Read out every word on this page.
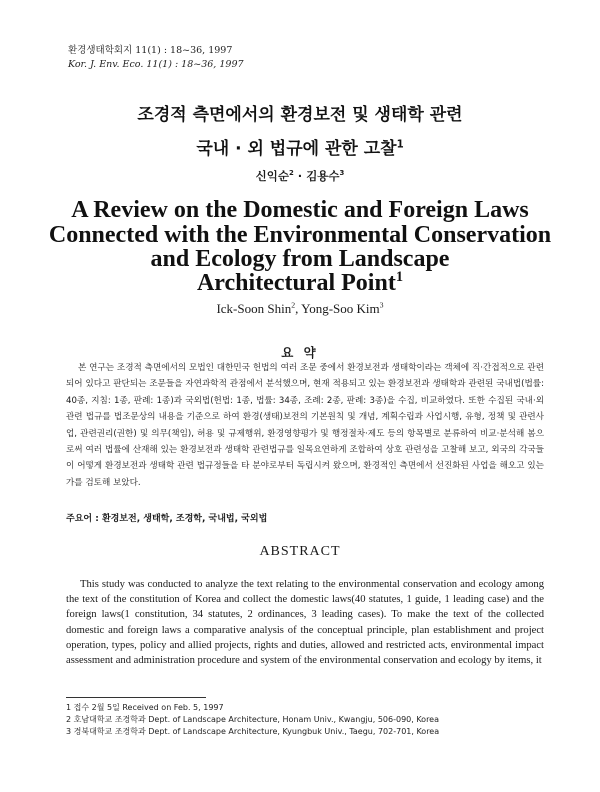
환경생태학회지 11(1) : 18~36, 1997
Kor. J. Env. Eco. 11(1) : 18~36, 1997
조경적 측면에서의 환경보전 및 생태학 관련
국내 · 외 법규에 관한 고찰$^1$
신익순$^2$ · 김용수$^3$
A Review on the Domestic and Foreign Laws
Connected with the Environmental Conservation
and Ecology from Landscape
Architectural Point$^1$
Ick-Soon Shin$^2$, Yong-Soo Kim$^3$
요 약
본 연구는 조경적 측면에서의 모법인 대한민국 헌법의 여러 조문 중에서 환경보전과 생태학이라는 객체에 직·간접적으로 관련되어 있다고 판단되는 조문들을 자연과학적 관점에서 분석했으며, 현재 적용되고 있는 환경보전과 생태학과 관련된 국내법(법률: 40종, 지침: 1종, 판례: 1종)과 국외법(헌법: 1종, 법률: 34종, 조례: 2종, 판례: 3종)을 수집, 비교하였다. 또한 수집된 국내·외 관련 법규를 법조문상의 내용을 기준으로 하여 환경(생태)보전의 기본원칙 및 개념, 계획수립과 사업시행, 유형, 정책 및 관련사업, 관련권리(권한) 및 의무(책임), 허용 및 규제행위, 환경영향평가 및 행정절차·제도 등의 항목별로 분류하여 비교·분석해 봄으로써 여러 법률에 산재해 있는 환경보전과 생태학 관련법규를 일목요연하게 조합하여 상호 관련성을 고찰해 보고, 외국의 각국들이 어떻게 환경보전과 생태학 관련 법규정들을 타 분야로부터 독립시켜 왔으며, 환경적인 측면에서 선진화된 사업을 해오고 있는가를 검토해 보았다.
주요어 : 환경보전, 생태학, 조경학, 국내법, 국외법
ABSTRACT
This study was conducted to analyze the text relating to the environmental conservation and ecology among the text of the constitution of Korea and collect the domestic laws(40 statutes, 1 guide, 1 leading case) and the foreign laws(1 constitution, 34 statutes, 2 ordinances, 3 leading cases). To make the text of the collected domestic and foreign laws a comparative analysis of the conceptual principle, plan establishment and project operation, types, policy and allied projects, rights and duties, allowed and restricted acts, environmental impact assessment and administration procedure and system of the environmental conservation and ecology by items, it
1 접수 2월 5일 Received on Feb. 5, 1997
2 호남대학교 조경학과 Dept. of Landscape Architecture, Honam Univ., Kwangju, 506-090, Korea
3 경북대학교 조경학과 Dept. of Landscape Architecture, Kyungbuk Univ., Taegu, 702-701, Korea
